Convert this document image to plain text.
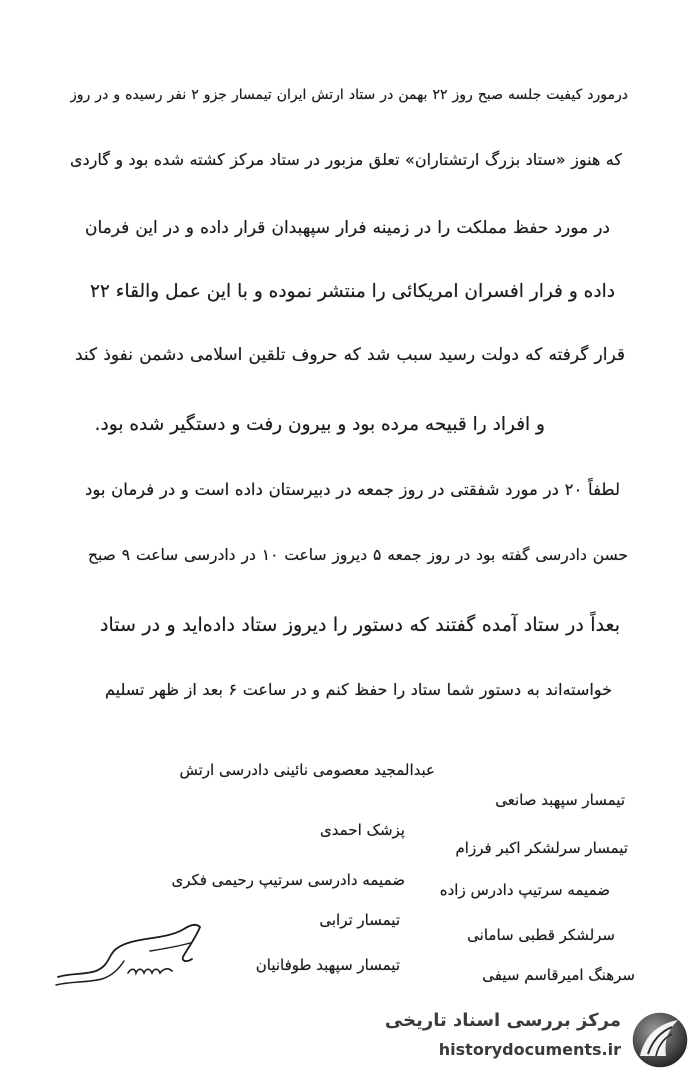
درمورد کیفیت جلسه صبح روز ۲۲ بهمن در ستاد ارتش ایران تیمسار جزو ۲ نفر رسیده و در روز
که هنوز «ستاد بزرگ ارتشتاران» تعلق مزبور در ستاد مرکز کشته شده بود و گاردی
در مورد حفظ مملکت را در زمینه فرار سپهبدان قرار داده و در این فرمان
داده و فرار افسران امریکائی را منتشر نموده و با این عمل والقاء ۲۲
قرار گرفته که دولت رسید سبب شد که حروف تلقین اسلامی دشمن نفوذ کند
و افراد را قبیحه مرده بود و بیرون رفت و دستگیر شده بود.
لطفاً ۲۰ در مورد شفقتی در روز جمعه در دبیرستان داده است و در فرمان بود
حسن دادرسی گفته بود در روز جمعه ۵ دیروز ساعت ۱۰ در دادرسی ساعت ۹ صبح
بعداً در ستاد آمده گفتند که دستور را دیروز ستاد داده‌اید و در ستاد
خواسته‌اند به دستور شما ستاد را حفظ کنم و در ساعت ۶ بعد از ظهر تسلیم
عبدالمجید معصومی نائینی دادرسی ارتش
تیمسار سپهبد صانعی
پزشک احمدی
تیمسار سرلشکر اکبر فرزام
ضمیمه دادرسی سرتیپ رحیمی فکری
ضمیمه سرتیپ دادرس زاده
تیمسار ترابی
سرلشکر قطبی سامانی
تیمسار سپهبد طوفانیان
سرهنگ امیرقاسم سیفی
مرکز بررسی اسناد تاریخی
historydocuments.ir
